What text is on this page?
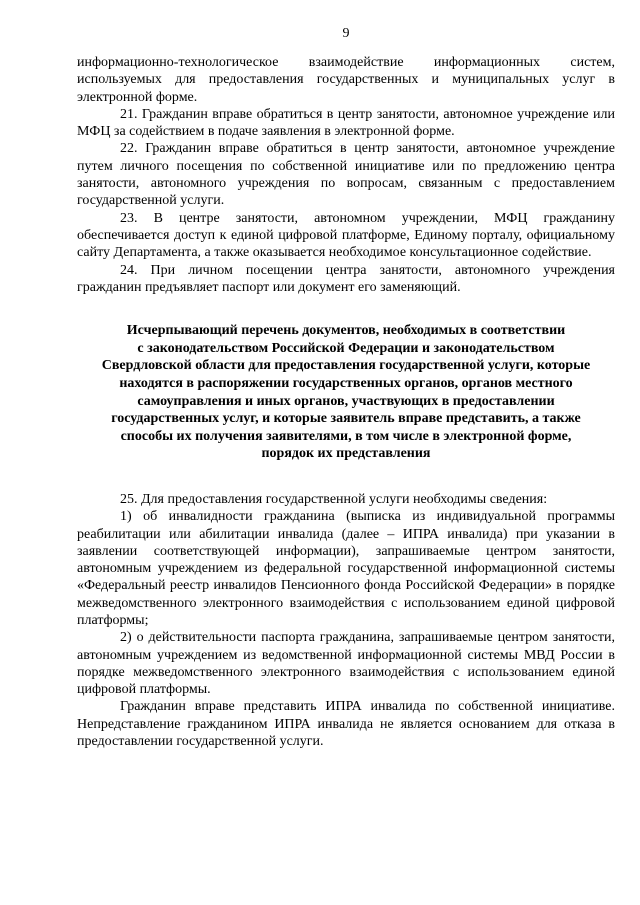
9

информационно-технологическое взаимодействие информационных систем, используемых для предоставления государственных и муниципальных услуг в электронной форме.

21. Гражданин вправе обратиться в центр занятости, автономное учреждение или МФЦ за содействием в подаче заявления в электронной форме.

22. Гражданин вправе обратиться в центр занятости, автономное учреждение путем личного посещения по собственной инициативе или по предложению центра занятости, автономного учреждения по вопросам, связанным с предоставлением государственной услуги.

23. В центре занятости, автономном учреждении, МФЦ гражданину обеспечивается доступ к единой цифровой платформе, Единому порталу, официальному сайту Департамента, а также оказывается необходимое консультационное содействие.

24. При личном посещении центра занятости, автономного учреждения гражданин предъявляет паспорт или документ его заменяющий.

Исчерпывающий перечень документов, необходимых в соответствии
с законодательством Российской Федерации и законодательством
Свердловской области для предоставления государственной услуги, которые
находятся в распоряжении государственных органов, органов местного
самоуправления и иных органов, участвующих в предоставлении
государственных услуг, и которые заявитель вправе представить, а также
способы их получения заявителями, в том числе в электронной форме,
порядок их представления

25. Для предоставления государственной услуги необходимы сведения:

1) об инвалидности гражданина (выписка из индивидуальной программы реабилитации или абилитации инвалида (далее – ИПРА инвалида) при указании в заявлении соответствующей информации), запрашиваемые центром занятости, автономным учреждением из федеральной государственной информационной системы «Федеральный реестр инвалидов Пенсионного фонда Российской Федерации» в порядке межведомственного электронного взаимодействия с использованием единой цифровой платформы;

2) о действительности паспорта гражданина, запрашиваемые центром занятости, автономным учреждением из ведомственной информационной системы МВД России в порядке межведомственного электронного взаимодействия с использованием единой цифровой платформы.

Гражданин вправе представить ИПРА инвалида по собственной инициативе. Непредставление гражданином ИПРА инвалида не является основанием для отказа в предоставлении государственной услуги.
